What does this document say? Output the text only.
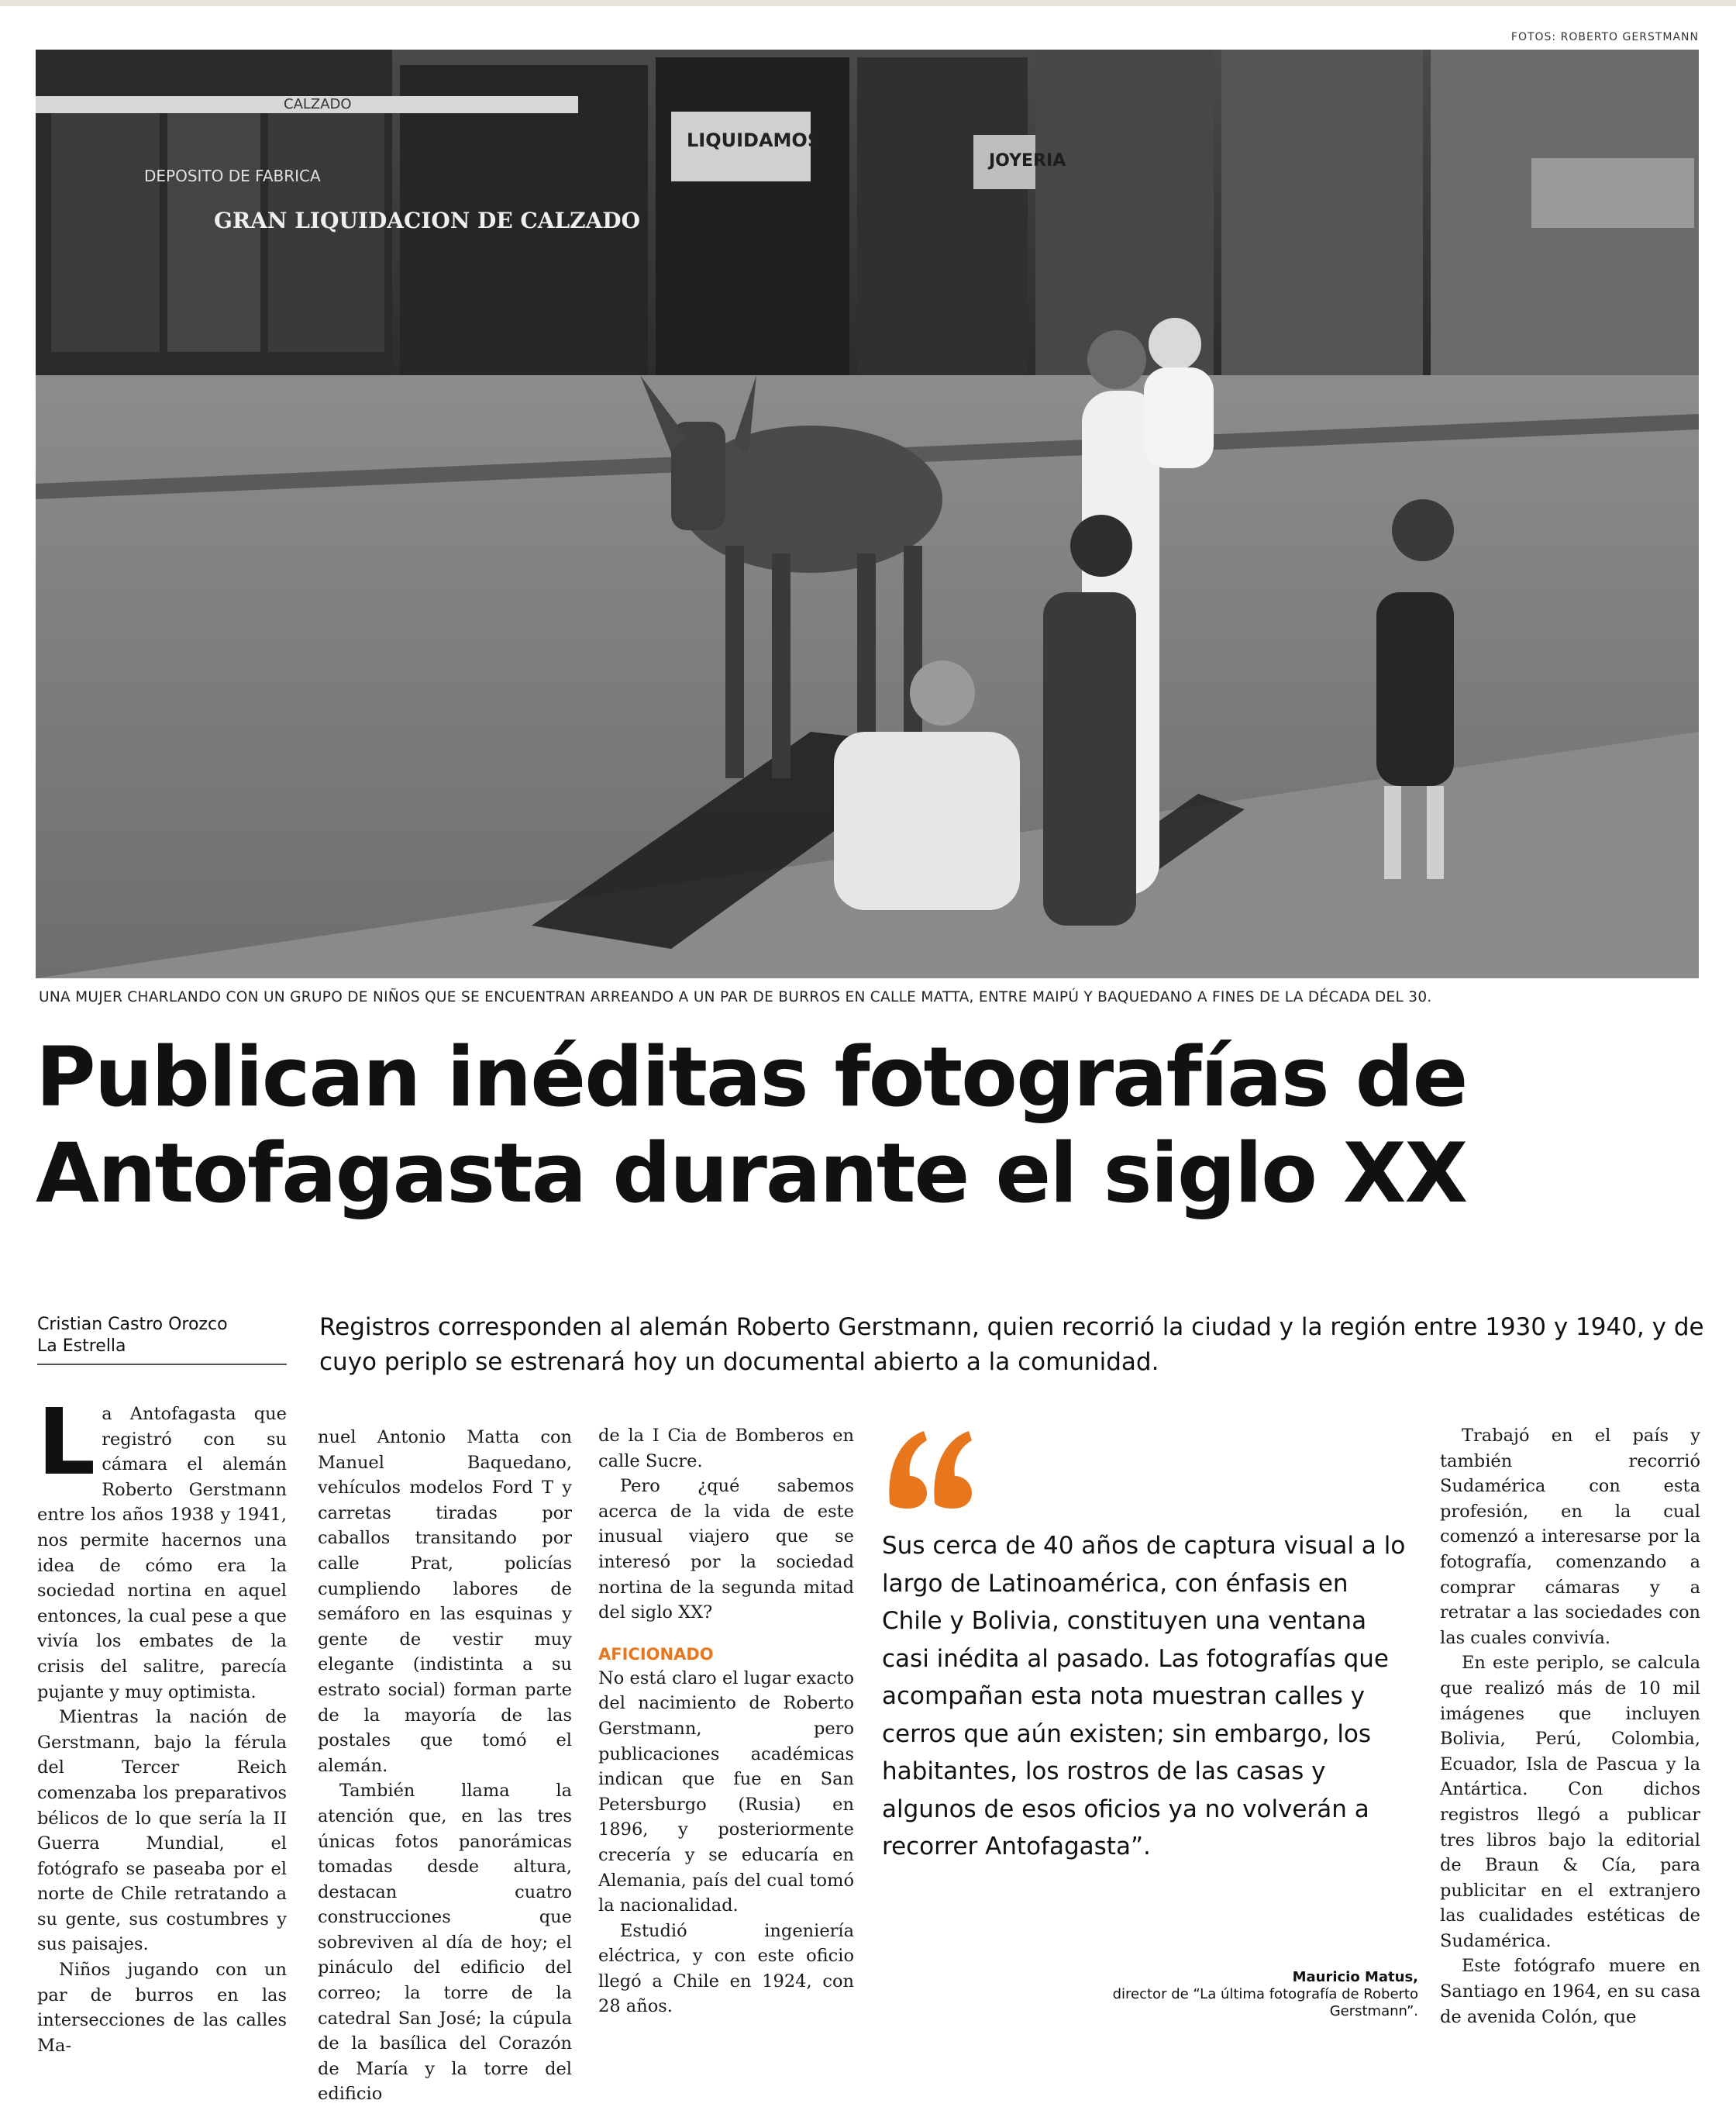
FOTOS: ROBERTO GERSTMANN
DEPOSITO DE FABRICA
GRAN LIQUIDACION DE CALZADO
LIQUIDAMOS
CALZADO
JOYERIA
UNA MUJER CHARLANDO CON UN GRUPO DE NIÑOS QUE SE ENCUENTRAN ARREANDO A UN PAR DE BURROS EN CALLE MATTA, ENTRE MAIPÚ Y BAQUEDANO A FINES DE LA DÉCADA DEL 30.
Publican inéditas fotografías de
Antofagasta durante el siglo XX
Cristian Castro Orozco
La Estrella
Registros corresponden al alemán Roberto Gerstmann, quien recorrió la ciudad y la región entre 1930 y 1940, y de cuyo periplo se estrenará hoy un documental abierto a la comunidad.
L a Antofagasta que registró con su cámara el alemán Roberto Gerstmann entre los años 1938 y 1941, nos permite hacernos una idea de cómo era la sociedad nortina en aquel entonces, la cual pese a que vivía los embates de la crisis del salitre, parecía pujante y muy optimista.

Mientras la nación de Gerstmann, bajo la férula del Tercer Reich comenzaba los preparativos bélicos de lo que sería la II Guerra Mundial, el fotógrafo se paseaba por el norte de Chile retratando a su gente, sus costumbres y sus paisajes.

Niños jugando con un par de burros en las intersecciones de las calles Ma-

nuel Antonio Matta con Manuel Baquedano, vehículos modelos Ford T y carretas tiradas por caballos transitando por calle Prat, policías cumpliendo labores de semáforo en las esquinas y gente de vestir muy elegante (indistinta a su estrato social) forman parte de la mayoría de las postales que tomó el alemán.

También llama la atención que, en las tres únicas fotos panorámicas tomadas desde altura, destacan cuatro construcciones que sobreviven al día de hoy; el pináculo del edificio del correo; la torre de la catedral San José; la cúpula de la basílica del Corazón de María y la torre del edificio

de la I Cia de Bomberos en calle Sucre.

Pero ¿qué sabemos acerca de la vida de este inusual viajero que se interesó por la sociedad nortina de la segunda mitad del siglo XX?

AFICIONADO

No está claro el lugar exacto del nacimiento de Roberto Gerstmann, pero publicaciones académicas indican que fue en San Petersburgo (Rusia) en 1896, y posteriormente crecería y se educaría en Alemania, país del cual tomó la nacionalidad.

Estudió ingeniería eléctrica, y con este oficio llegó a Chile en 1924, con 28 años.

Sus cerca de 40 años de captura visual a lo largo de Latinoamérica, con énfasis en Chile y Bolivia, constituyen una ventana casi inédita al pasado. Las fotografías que acompañan esta nota muestran calles y cerros que aún existen; sin embargo, los habitantes, los rostros de las casas y algunos de esos oficios ya no volverán a recorrer Antofagasta”.
Mauricio Matus,
director de “La última fotografía de Roberto Gerstmann”.

Trabajó en el país y también recorrió Sudamérica con esta profesión, en la cual comenzó a interesarse por la fotografía, comenzando a comprar cámaras y a retratar a las sociedades con las cuales convivía.

En este periplo, se calcula que realizó más de 10 mil imágenes que incluyen Bolivia, Perú, Colombia, Ecuador, Isla de Pascua y la Antártica. Con dichos registros llegó a publicar tres libros bajo la editorial de Braun & Cía, para publicitar en el extranjero las cualidades estéticas de Sudamérica.

Este fotógrafo muere en Santiago en 1964, en su casa de avenida Colón, que
